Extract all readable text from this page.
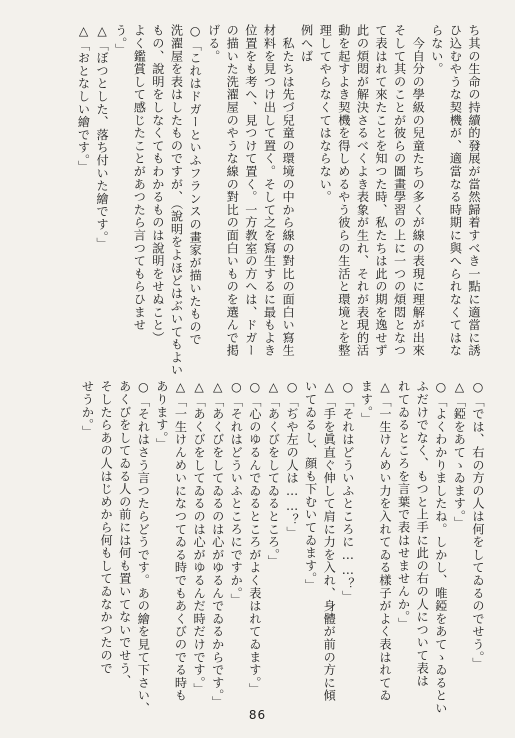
ち其の生命の持續的發展が當然歸着すべき一點に適當に誘
ひ込むやうな契機が、適當なる時期に與へられなくてはな
らない。
　今自分の學級の兒童たちの多くが線の表現に理解が出來
そして其のことが彼らの圖畫學習の上に一つの煩悶となつ
て表はれて來たことを知つた時、私たちは此の期を逸せず
此の煩悶が解決さるべくよき表象が生れ、それが表現的活
動を起すよき契機を得しめるやう彼らの生活と環境とを整
理してやらなくてはならない。
例へば
　私たちは先づ兒童の環境の中から線の對比の面白い寫生
材料を見つけ出して置く。そして之を寫生するに最もよき
位置をも考へ、見つけて置く。一方教室の方へは、ドガー
の描いた洗濯屋のやうな線の對比の面白いものを選んで掲
げる。
○「これはドガーといふフランスの畫家が描いたもので
洗濯屋を表はしたものですが、（說明をよほどはぶいてもよい
もの、說明をしなくてもわかるものは說明をせぬこと）
よく鑑賞して感じたことがあつたら言つてもらひませ
う。」
△「ぼつとした、落ち付いた繪です。」
△「おとなしい繪です。」
○「では、右の方の人は何をしてゐるのでせう。」
△「錏をあてゝゐます。」
○「よくわかりましたね。しかし、唯錏をあてゝゐるとい
ふだけでなく、もつと上手に此の右の人について表は
れてゐるところを言葉で表はせませんか。」
△「一生けんめい力を入れてゐる樣子がよく表はれてゐ
ます。」
○「それはどういふところに……？」
△「手を眞直ぐ伸して肩に力を入れ、身體が前の方に傾
いてゐるし、顔も下むいてゐます。」
○「ぢや左の人は……？」
△「あくびをしてゐるところ。」
○「心のゆるんでゐるところがよく表はれてゐます。」
○「それはどういふところにですか。」
△「あくびをしてゐるのは心がゆるんでゐるからです。」
△「あくびをしてゐるのは心がゆるんだ時だけです。」
△「一生けんめいになつてゐる時でもあくびのでる時も
あります。」
○「それはさう言つたらどうです。あの繪を見て下さい、
あくびをしてゐる人の前には何も置いてないでせう、
そしたらあの人はじめから何もしてゐなかつたので
せうか。」
86
